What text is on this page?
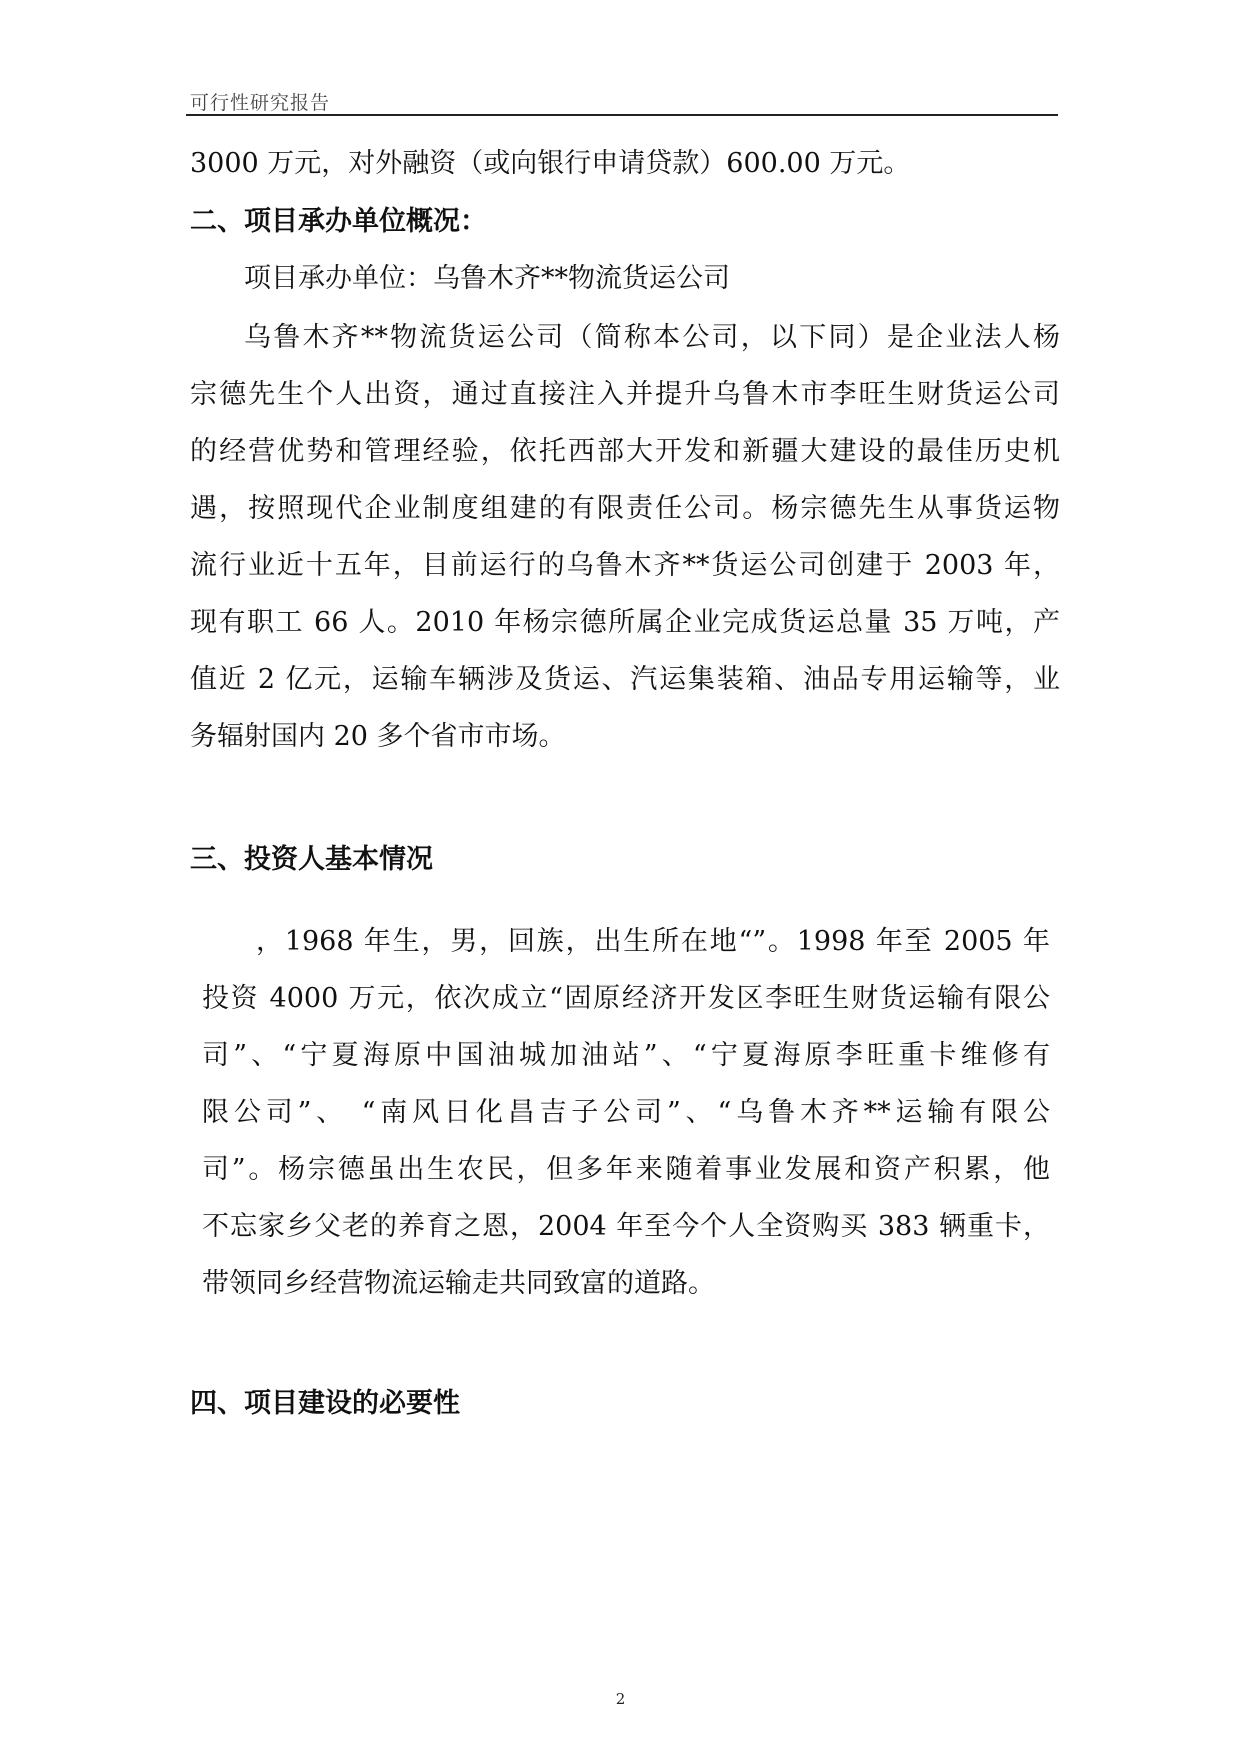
可行性研究报告
3000 万元，对外融资（或向银行申请贷款）600.00 万元。
二、项目承办单位概况：
项目承办单位：乌鲁木齐**物流货运公司
乌鲁木齐**物流货运公司（简称本公司，以下同）是企业法人杨
宗德先生个人出资，通过直接注入并提升乌鲁木市李旺生财货运公司
的经营优势和管理经验，依托西部大开发和新疆大建设的最佳历史机
遇，按照现代企业制度组建的有限责任公司。杨宗德先生从事货运物
流行业近十五年，目前运行的乌鲁木齐**货运公司创建于 2003 年，
现有职工 66 人。2010 年杨宗德所属企业完成货运总量 35 万吨，产
值近 2 亿元，运输车辆涉及货运、汽运集装箱、油品专用运输等，业
务辐射国内 20 多个省市市场。
三、投资人基本情况
，1968 年生，男，回族，出生所在地“”。1998 年至 2005 年
投资 4000 万元，依次成立“固原经济开发区李旺生财货运输有限公
司”、“宁夏海原中国油城加油站”、“宁夏海原李旺重卡维修有
限公司”、 “南风日化昌吉子公司”、“乌鲁木齐**运输有限公
司”。杨宗德虽出生农民，但多年来随着事业发展和资产积累，他
不忘家乡父老的养育之恩，2004 年至今个人全资购买 383 辆重卡，
带领同乡经营物流运输走共同致富的道路。
四、项目建设的必要性
2
